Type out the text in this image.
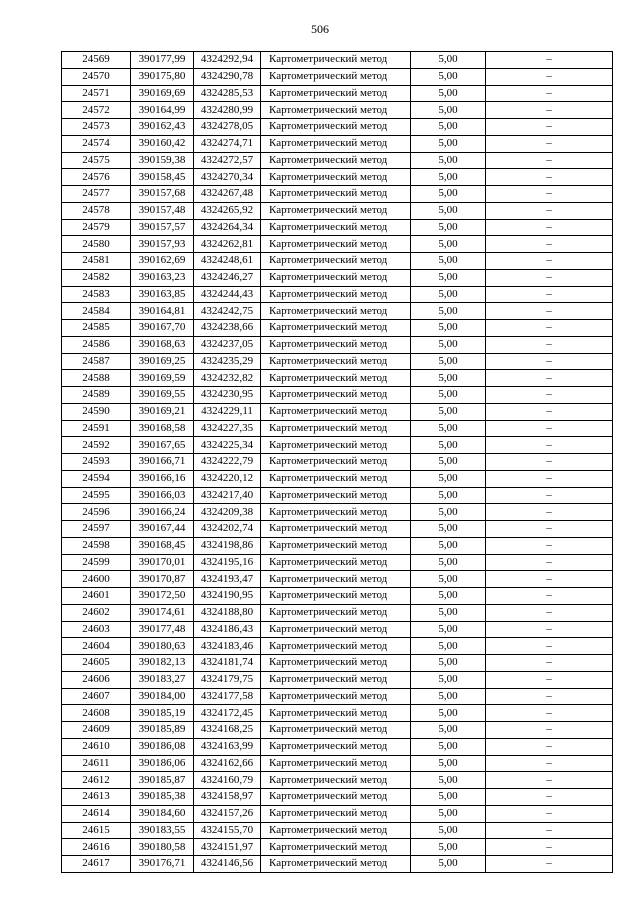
506
24569	390177,99	4324292,94	Картометрический метод	5,00	–
24570	390175,80	4324290,78	Картометрический метод	5,00	–
24571	390169,69	4324285,53	Картометрический метод	5,00	–
24572	390164,99	4324280,99	Картометрический метод	5,00	–
24573	390162,43	4324278,05	Картометрический метод	5,00	–
24574	390160,42	4324274,71	Картометрический метод	5,00	–
24575	390159,38	4324272,57	Картометрический метод	5,00	–
24576	390158,45	4324270,34	Картометрический метод	5,00	–
24577	390157,68	4324267,48	Картометрический метод	5,00	–
24578	390157,48	4324265,92	Картометрический метод	5,00	–
24579	390157,57	4324264,34	Картометрический метод	5,00	–
24580	390157,93	4324262,81	Картометрический метод	5,00	–
24581	390162,69	4324248,61	Картометрический метод	5,00	–
24582	390163,23	4324246,27	Картометрический метод	5,00	–
24583	390163,85	4324244,43	Картометрический метод	5,00	–
24584	390164,81	4324242,75	Картометрический метод	5,00	–
24585	390167,70	4324238,66	Картометрический метод	5,00	–
24586	390168,63	4324237,05	Картометрический метод	5,00	–
24587	390169,25	4324235,29	Картометрический метод	5,00	–
24588	390169,59	4324232,82	Картометрический метод	5,00	–
24589	390169,55	4324230,95	Картометрический метод	5,00	–
24590	390169,21	4324229,11	Картометрический метод	5,00	–
24591	390168,58	4324227,35	Картометрический метод	5,00	–
24592	390167,65	4324225,34	Картометрический метод	5,00	–
24593	390166,71	4324222,79	Картометрический метод	5,00	–
24594	390166,16	4324220,12	Картометрический метод	5,00	–
24595	390166,03	4324217,40	Картометрический метод	5,00	–
24596	390166,24	4324209,38	Картометрический метод	5,00	–
24597	390167,44	4324202,74	Картометрический метод	5,00	–
24598	390168,45	4324198,86	Картометрический метод	5,00	–
24599	390170,01	4324195,16	Картометрический метод	5,00	–
24600	390170,87	4324193,47	Картометрический метод	5,00	–
24601	390172,50	4324190,95	Картометрический метод	5,00	–
24602	390174,61	4324188,80	Картометрический метод	5,00	–
24603	390177,48	4324186,43	Картометрический метод	5,00	–
24604	390180,63	4324183,46	Картометрический метод	5,00	–
24605	390182,13	4324181,74	Картометрический метод	5,00	–
24606	390183,27	4324179,75	Картометрический метод	5,00	–
24607	390184,00	4324177,58	Картометрический метод	5,00	–
24608	390185,19	4324172,45	Картометрический метод	5,00	–
24609	390185,89	4324168,25	Картометрический метод	5,00	–
24610	390186,08	4324163,99	Картометрический метод	5,00	–
24611	390186,06	4324162,66	Картометрический метод	5,00	–
24612	390185,87	4324160,79	Картометрический метод	5,00	–
24613	390185,38	4324158,97	Картометрический метод	5,00	–
24614	390184,60	4324157,26	Картометрический метод	5,00	–
24615	390183,55	4324155,70	Картометрический метод	5,00	–
24616	390180,58	4324151,97	Картометрический метод	5,00	–
24617	390176,71	4324146,56	Картометрический метод	5,00	–
